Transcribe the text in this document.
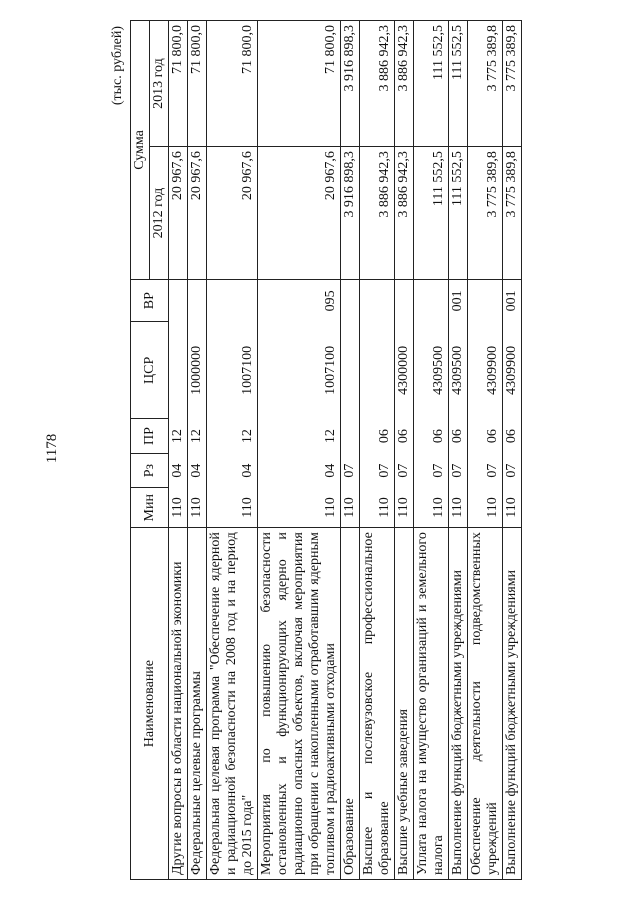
1178
(тыс. рублей)
Наименование	Мин	Рз	ПР	ЦСР	ВР	Сумма	
						2012 год	2013 год
Другие вопросы в области национальной экономики	110	04	12			20 967,6	71 800,0
Федеральные целевые программы	110	04	12	1000000		20 967,6	71 800,0
Федеральная целевая программа "Обеспечение ядерной и радиационной безопасности на 2008 год и на период до 2015 года"	110	04	12	1007100		20 967,6	71 800,0
Мероприятия по повышению безопасности остановленных и функционирующих ядерно и радиационно опасных объектов, включая мероприятия при обращении с накопленными отработавшим ядерным топливом и радиоактивными отходами	110	04	12	1007100	095	20 967,6	71 800,0
Образование	110	07				3 916 898,3	3 916 898,3
Высшее и послевузовское профессиональное образование	110	07	06			3 886 942,3	3 886 942,3
Высшие учебные заведения	110	07	06	4300000		3 886 942,3	3 886 942,3
Уплата налога на имущество организаций и земельного налога	110	07	06	4309500		111 552,5	111 552,5
Выполнение функций бюджетными учреждениями	110	07	06	4309500	001	111 552,5	111 552,5
Обеспечение деятельности подведомственных учреждений	110	07	06	4309900		3 775 389,8	3 775 389,8
Выполнение функций бюджетными учреждениями	110	07	06	4309900	001	3 775 389,8	3 775 389,8
